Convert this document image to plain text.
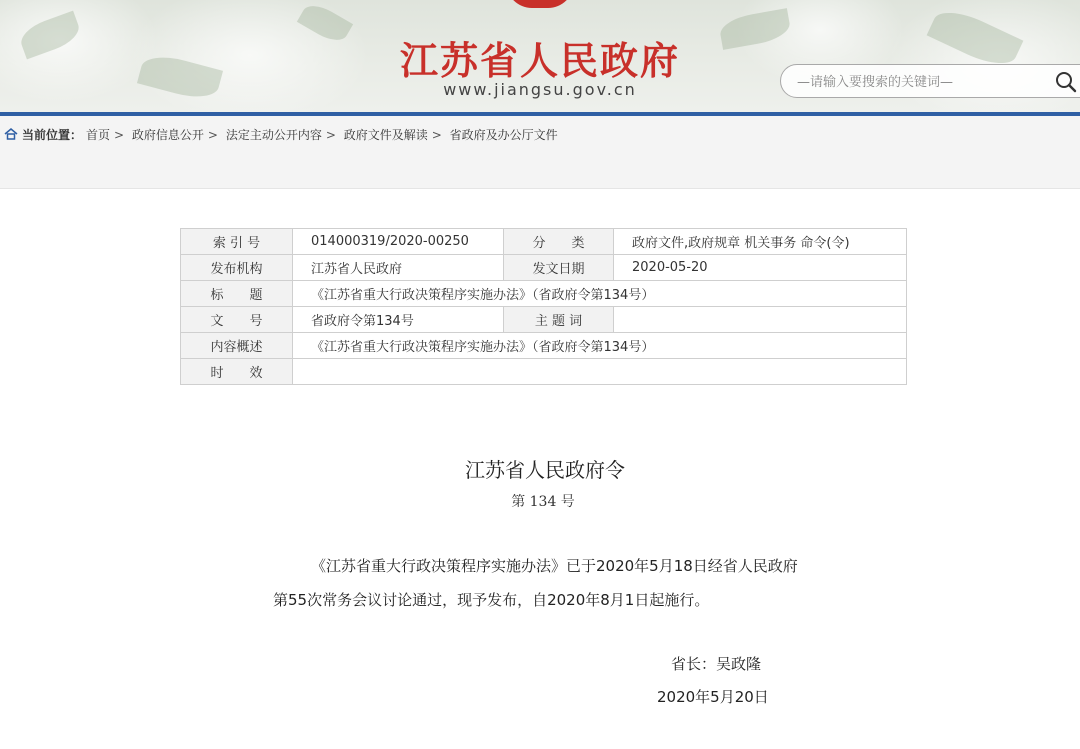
江苏省人民政府
www.jiangsu.gov.cn
—请输入要搜索的关键词—
当前位置： 首页 > 政府信息公开 > 法定主动公开内容 > 政府文件及解读 > 省政府及办公厅文件
索 引 号	014000319/2020-00250	分　　类	政府文件,政府规章 机关事务 命令(令)
发布机构	江苏省人民政府	发文日期	2020-05-20
标　　题	《江苏省重大行政决策程序实施办法》（省政府令第134号）		
文　　号	省政府令第134号	主 题 词	
内容概述	《江苏省重大行政决策程序实施办法》（省政府令第134号）		
时　　效			
江苏省人民政府令
第 134 号
《江苏省重大行政决策程序实施办法》已于2020年5月18日经省人民政府
第55次常务会议讨论通过，现予发布，自2020年8月1日起施行。
省长：吴政隆
2020年5月20日
